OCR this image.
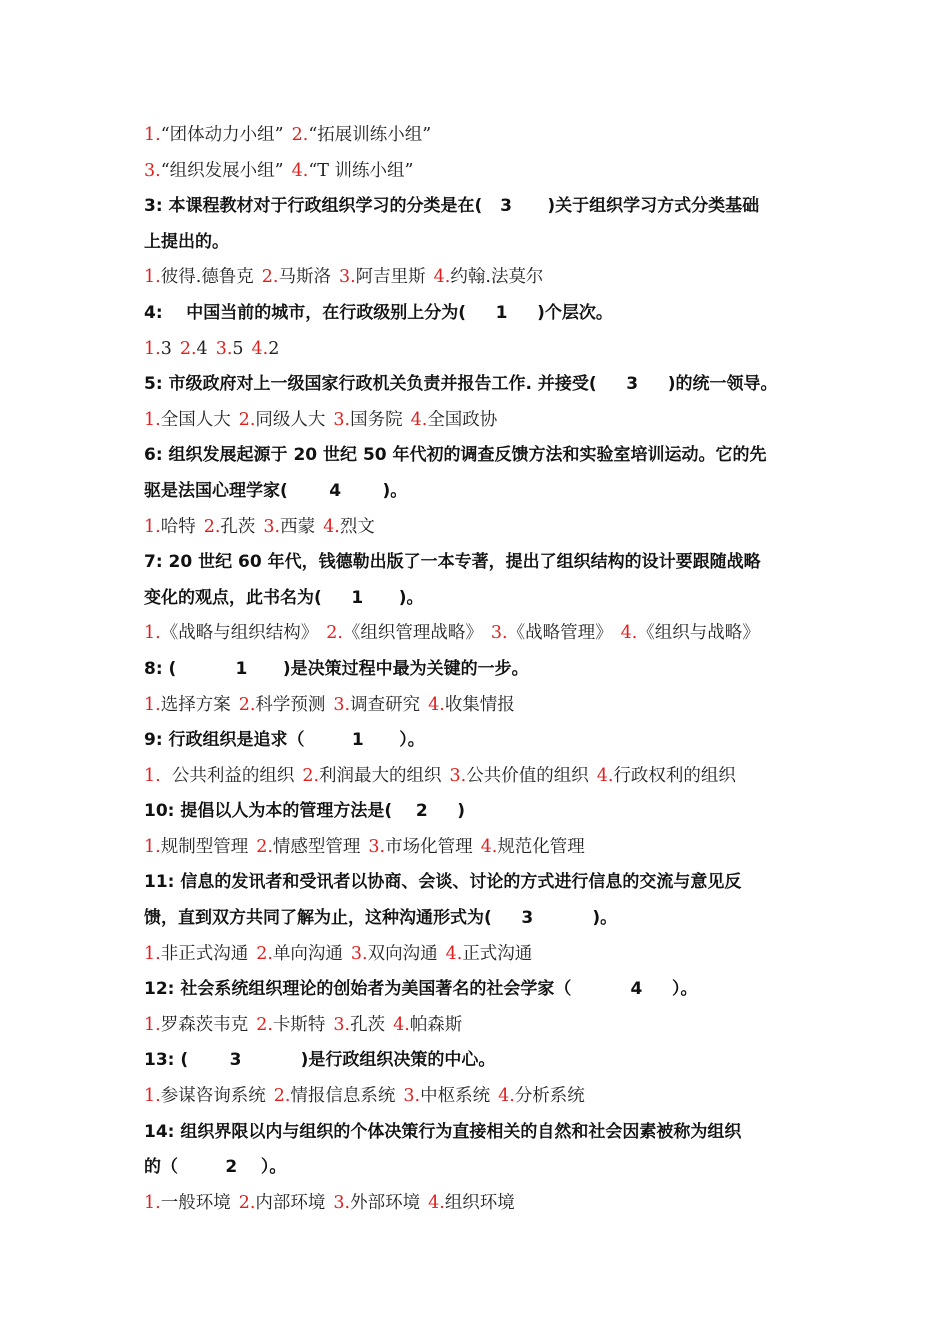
1.“团体动力小组” 2.“拓展训练小组”
3.“组织发展小组” 4.“T 训练小组”
3: 本课程教材对于行政组织学习的分类是在(   3      )关于组织学习方式分类基础
上提出的。
1.彼得.德鲁克 2.马斯洛 3.阿吉里斯 4.约翰.法莫尔
4:    中国当前的城市，在行政级别上分为(     1     )个层次。
1.3 2.4 3.5 4.2
5: 市级政府对上一级国家行政机关负责并报告工作. 并接受(     3     )的统一领导。
1.全国人大 2.同级人大 3.国务院 4.全国政协
6: 组织发展起源于 20 世纪 50 年代初的调查反馈方法和实验室培训运动。它的先
驱是法国心理学家(       4       )。
1.哈特 2.孔茨 3.西蒙 4.烈文
7: 20 世纪 60 年代，钱德勒出版了一本专著，提出了组织结构的设计要跟随战略
变化的观点，此书名为(     1      )。
1.《战略与组织结构》 2.《组织管理战略》 3.《战略管理》 4.《组织与战略》
8: (          1      )是决策过程中最为关键的一步。
1.选择方案 2.科学预测 3.调查研究 4.收集情报
9: 行政组织是追求（        1      ）。
1.  公共利益的组织 2.利润最大的组织 3.公共价值的组织 4.行政权利的组织
10: 提倡以人为本的管理方法是(    2     )
1.规制型管理 2.情感型管理 3.市场化管理 4.规范化管理
11: 信息的发讯者和受讯者以协商、会谈、讨论的方式进行信息的交流与意见反
馈，直到双方共同了解为止，这种沟通形式为(     3          )。
1.非正式沟通 2.单向沟通 3.双向沟通 4.正式沟通
12: 社会系统组织理论的创始者为美国著名的社会学家（          4     ）。
1.罗森茨韦克 2.卡斯特 3.孔茨 4.帕森斯
13: (       3          )是行政组织决策的中心。
1.参谋咨询系统 2.情报信息系统 3.中枢系统 4.分析系统
14: 组织界限以内与组织的个体决策行为直接相关的自然和社会因素被称为组织
的（        2    ）。
1.一般环境 2.内部环境 3.外部环境 4.组织环境
